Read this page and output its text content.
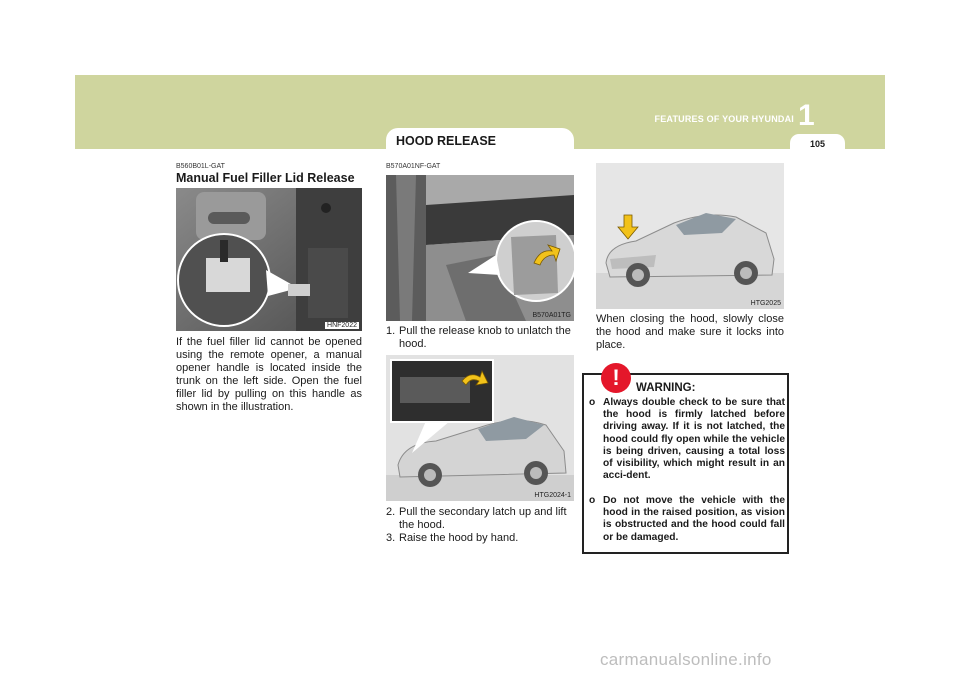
1
FEATURES OF YOUR HYUNDAI
105
HOOD RELEASE
B560B01L-GAT
Manual Fuel Filler Lid Release
HNF2022
If the fuel filler lid cannot be opened using the remote opener, a manual opener handle is located inside the trunk on the left side. Open the fuel filler lid by pulling on this handle as shown in the illustration.
B570A01NF-GAT
B570A01TG
1. Pull the release knob to unlatch the hood.
HTG2024-1
2. Pull the secondary latch up and lift the hood.
3. Raise the hood by hand.
HTG2025
When closing the hood, slowly close the hood and make sure it locks into place.
!	WARNING:
o Always double check to be sure that the hood is firmly latched before driving away. If it is not latched, the hood could fly open while the vehicle is being driven, causing a total loss of visibility, which might result in an acci-dent.
o Do not move the vehicle with the hood in the raised position, as vision is obstructed and the hood could fall or be damaged.
carmanualsonline.info
